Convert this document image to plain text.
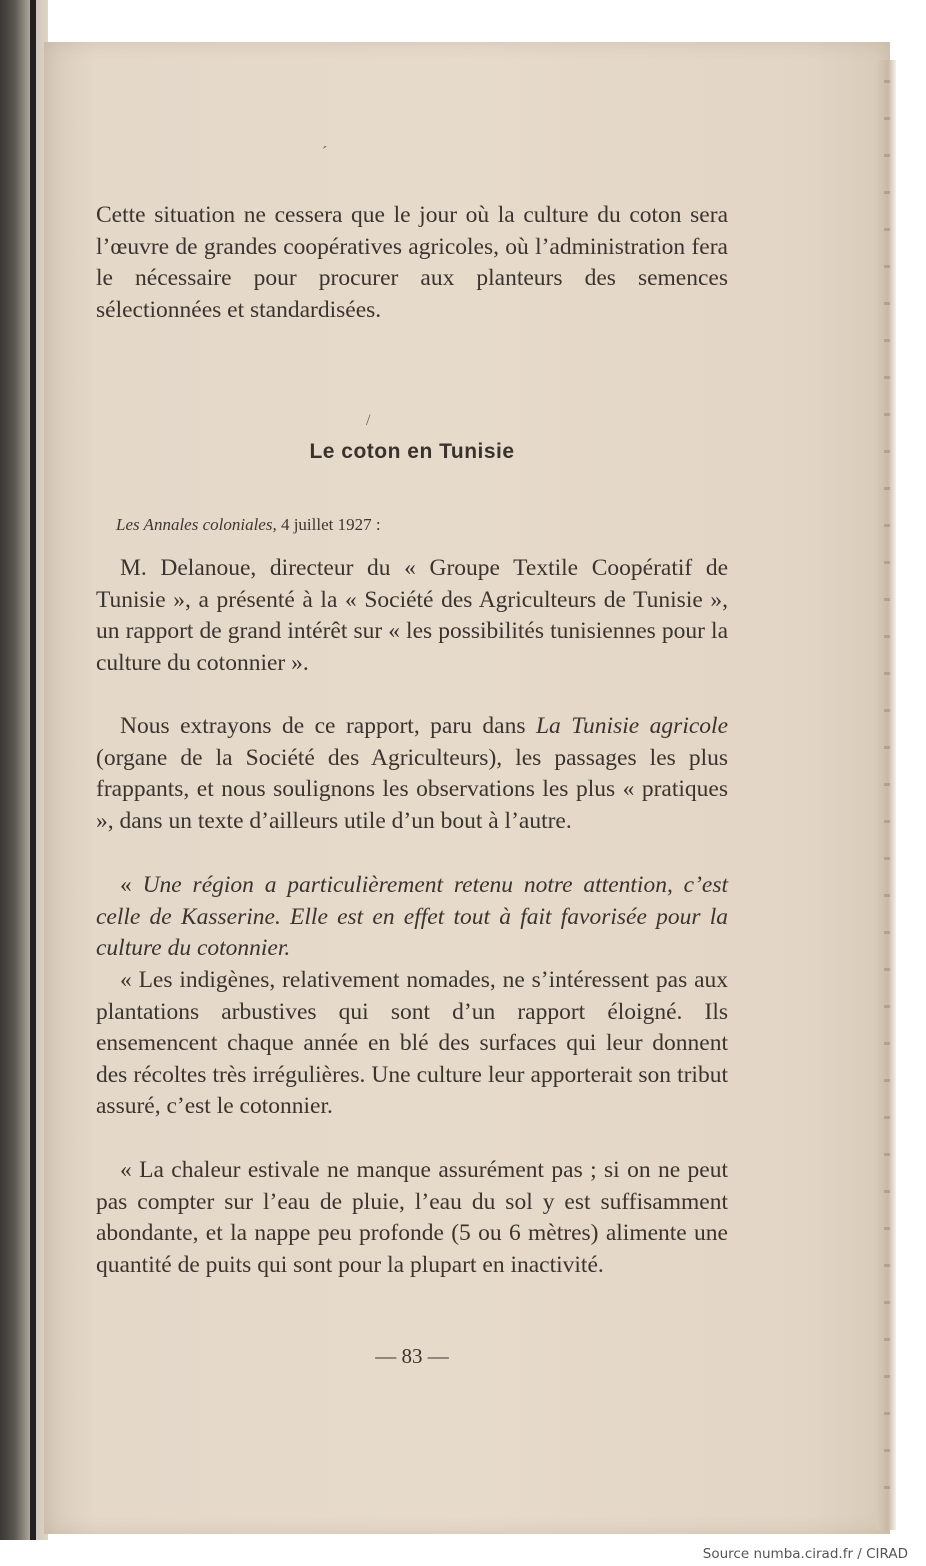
ˊ
/

Cette situation ne cessera que le jour où la culture du coton sera l’œuvre de grandes coopératives agricoles, où l’administration fera le nécessaire pour procurer aux planteurs des semences sélectionnées et standardisées.

Le coton en Tunisie
Les Annales coloniales, 4 juillet 1927 :

M. Delanoue, directeur du « Groupe Textile Coopératif de Tunisie », a présenté à la « Société des Agriculteurs de Tunisie », un rapport de grand intérêt sur « les possibilités tunisiennes pour la culture du cotonnier ».

Nous extrayons de ce rapport, paru dans La Tunisie agricole (organe de la Société des Agriculteurs), les passages les plus frappants, et nous soulignons les observations les plus « pratiques », dans un texte d’ailleurs utile d’un bout à l’autre.

« Une région a particulièrement retenu notre attention, c’est celle de Kasserine. Elle est en effet tout à fait favorisée pour la culture du cotonnier.

« Les indigènes, relativement nomades, ne s’intéressent pas aux plantations arbustives qui sont d’un rapport éloigné. Ils ensemencent chaque année en blé des surfaces qui leur donnent des récoltes très irrégulières. Une culture leur apporterait son tribut assuré, c’est le cotonnier.

« La chaleur estivale ne manque assurément pas ; si on ne peut pas compter sur l’eau de pluie, l’eau du sol y est suffisamment abondante, et la nappe peu profonde (5 ou 6 mètres) alimente une quantité de puits qui sont pour la plupart en inactivité.

— 83 —
Source numba.cirad.fr / CIRAD
